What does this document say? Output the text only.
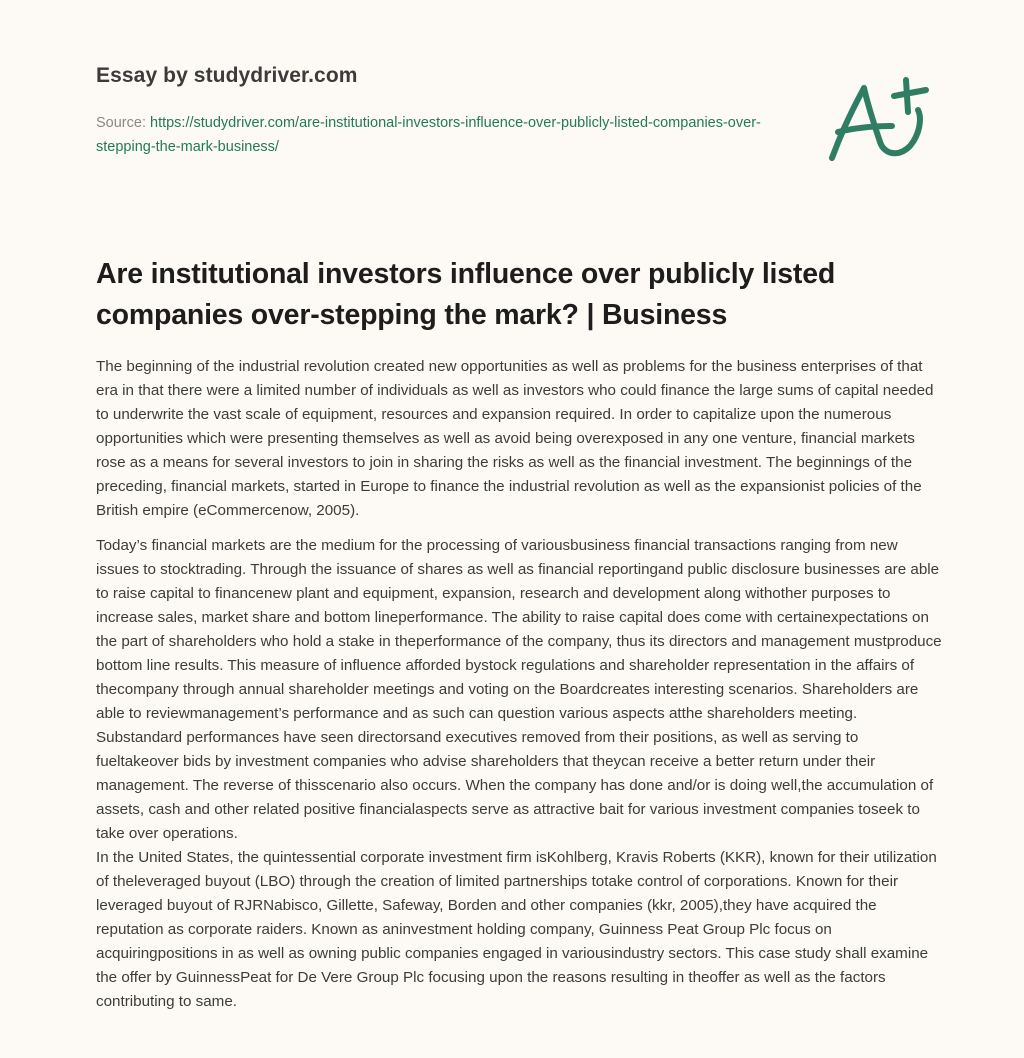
Essay by studydriver.com
Source: https://studydriver.com/are-institutional-investors-influence-over-publicly-listed-companies-over-stepping-the-mark-business/
Are institutional investors influence over publicly listed companies over-stepping the mark? | Business

The beginning of the industrial revolution created new opportunities as well as problems for the business enterprises of that era in that there were a limited number of individuals as well as investors who could finance the large sums of capital needed to underwrite the vast scale of equipment, resources and expansion required. In order to capitalize upon the numerous opportunities which were presenting themselves as well as avoid being overexposed in any one venture, financial markets rose as a means for several investors to join in sharing the risks as well as the financial investment. The beginnings of the preceding, financial markets, started in Europe to finance the industrial revolution as well as the expansionist policies of the British empire (eCommercenow, 2005).

Today’s financial markets are the medium for the processing of variousbusiness financial transactions ranging from new issues to stocktrading. Through the issuance of shares as well as financial reportingand public disclosure businesses are able to raise capital to financenew plant and equipment, expansion, research and development along withother purposes to increase sales, market share and bottom lineperformance. The ability to raise capital does come with certainexpectations on the part of shareholders who hold a stake in theperformance of the company, thus its directors and management mustproduce bottom line results. This measure of influence afforded bystock regulations and shareholder representation in the affairs of thecompany through annual shareholder meetings and voting on the Boardcreates interesting scenarios. Shareholders are able to reviewmanagement’s performance and as such can question various aspects atthe shareholders meeting. Substandard performances have seen directorsand executives removed from their positions, as well as serving to fueltakeover bids by investment companies who advise shareholders that theycan receive a better return under their management. The reverse of thisscenario also occurs. When the company has done and/or is doing well,the accumulation of assets, cash and other related positive financialaspects serve as attractive bait for various investment companies toseek to take over operations.

In the United States, the quintessential corporate investment firm isKohlberg, Kravis Roberts (KKR), known for their utilization of theleveraged buyout (LBO) through the creation of limited partnerships totake control of corporations. Known for their leveraged buyout of RJRNabisco, Gillette, Safeway, Borden and other companies (kkr, 2005),they have acquired the reputation as corporate raiders. Known as aninvestment holding company, Guinness Peat Group Plc focus on acquiringpositions in as well as owning public companies engaged in variousindustry sectors. This case study shall examine the offer by GuinnessPeat for De Vere Group Plc focusing upon the reasons resulting in theoffer as well as the factors contributing to same.
